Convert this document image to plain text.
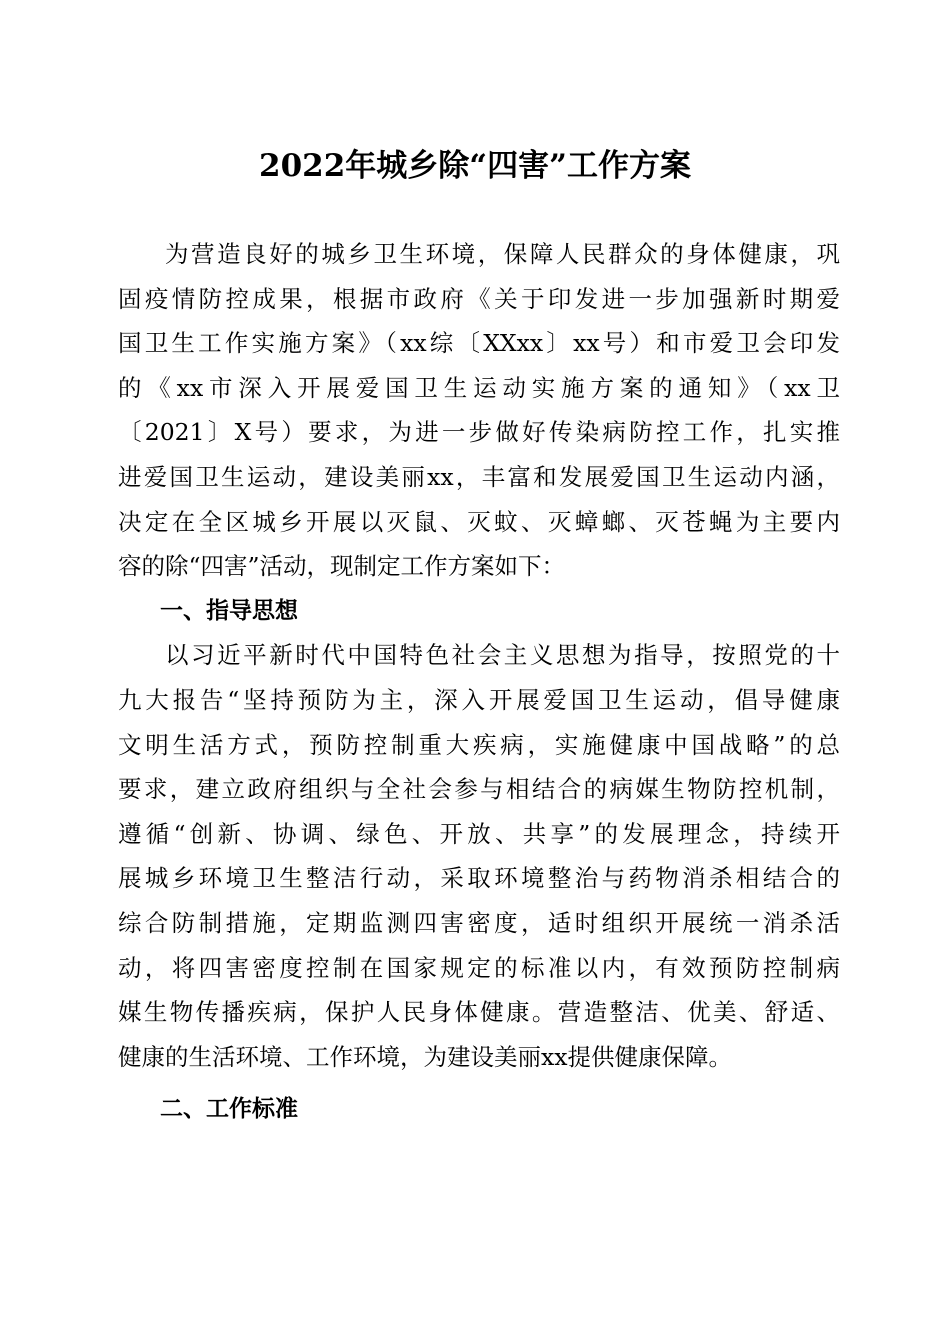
2022年城乡除“四害”工作方案
为营造良好的城乡卫生环境，保障人民群众的身体健康，巩
固疫情防控成果，根据市政府《关于印发进一步加强新时期爱
国卫生工作实施方案》（xx综〔XXxx〕xx号）和市爱卫会印发
的《xx市深入开展爱国卫生运动实施方案的通知》（xx卫
〔2021〕X号）要求，为进一步做好传染病防控工作，扎实推
进爱国卫生运动，建设美丽xx，丰富和发展爱国卫生运动内涵，
决定在全区城乡开展以灭鼠、灭蚊、灭蟑螂、灭苍蝇为主要内
容的除“四害”活动，现制定工作方案如下：
一、指导思想
以习近平新时代中国特色社会主义思想为指导，按照党的十
九大报告“坚持预防为主，深入开展爱国卫生运动，倡导健康
文明生活方式，预防控制重大疾病，实施健康中国战略”的总
要求，建立政府组织与全社会参与相结合的病媒生物防控机制，
遵循“创新、协调、绿色、开放、共享”的发展理念，持续开
展城乡环境卫生整洁行动，采取环境整治与药物消杀相结合的
综合防制措施，定期监测四害密度，适时组织开展统一消杀活
动，将四害密度控制在国家规定的标准以内，有效预防控制病
媒生物传播疾病，保护人民身体健康。营造整洁、优美、舒适、
健康的生活环境、工作环境，为建设美丽xx提供健康保障。
二、工作标准
